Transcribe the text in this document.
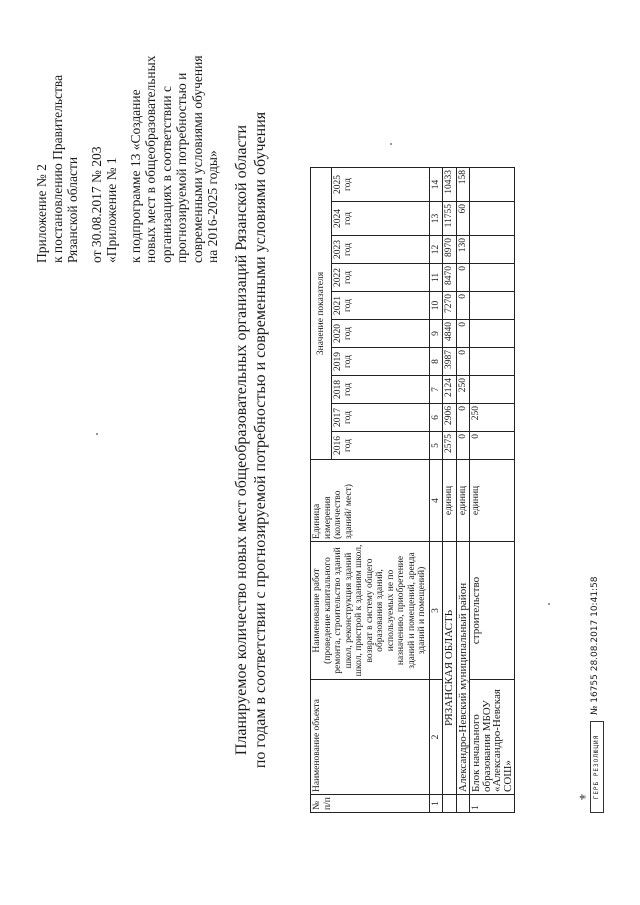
Приложение № 2 к постановлению Правительства Рязанской области от 30.08.2017 № 203 «Приложение № 1 к подпрограмме 13 «Создание новых мест в общеобразовательных организациях в соответствии с прогнозируемой потребностью и современными условиями обучения на 2016-2025 годы» Планируемое количество новых мест общеобразовательных организаций Рязанской области по годам в соответствии с прогнозируемой потребностью и современными условиями обучения
№ п/п	Наименование объекта	Наименование работ (проведение капитального ремонта, строительство зданий школ, реконструкция зданий школ, пристрой к зданиям школ, возврат в систему общего образования зданий, используемых не по назначению, приобретение зданий и помещений, аренда зданий и помещений)	Единица измерения (количество зданий/ мест)	Значение показателя									
				2016 год	2017 год	2018 год	2019 год	2020 год	2021 год	2022 год	2023 год	2024 год	2025 год
1	2	3	4	5	6	7	8	9	10	11	12	13	14
	РЯЗАНСКАЯ ОБЛАСТЬ		единиц	2575	2906	2124	3987	4840	7270	8470	8970	11755	10433
	Александро-Невский муниципальный район		единиц	0	0	250	0	0	0	0	130	60	158
1	Блок начального образования МБОУ «Александро-Невская СОШ»	строительство	единиц	0	250								
⚜ ГЕРБ РЕЗОЛЮЦИЯ
№ 16755 28.08.2017 10:41:58
